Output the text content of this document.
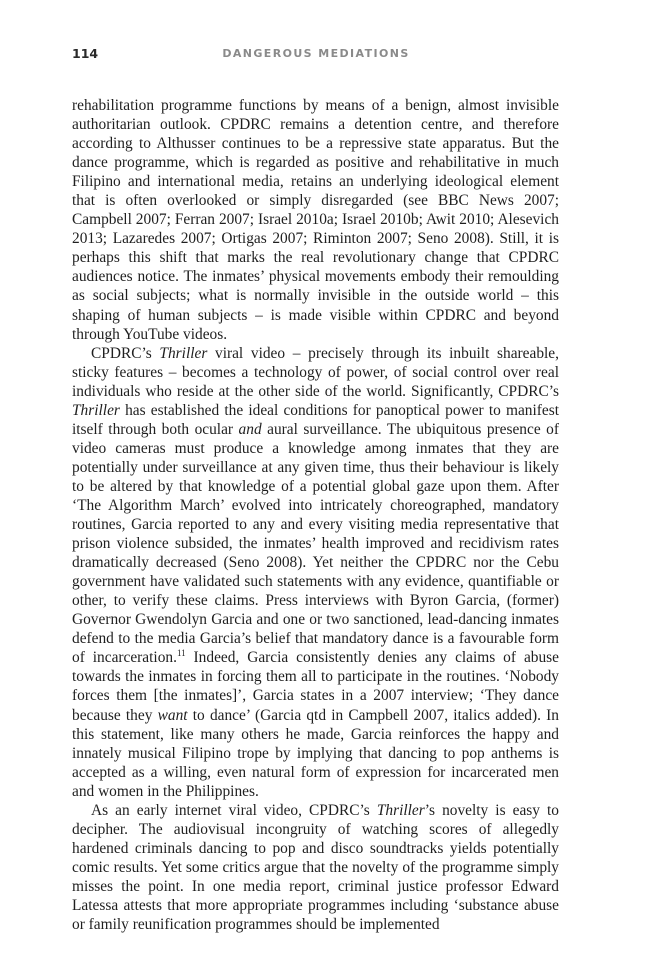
114	DANGEROUS MEDIATIONS

rehabilitation programme functions by means of a benign, almost invisible authoritarian outlook. CPDRC remains a detention centre, and therefore according to Althusser continues to be a repressive state apparatus. But the dance programme, which is regarded as positive and rehabilitative in much Filipino and international media, retains an underlying ideological element that is often overlooked or simply disregarded (see BBC News 2007; Campbell 2007; Ferran 2007; Israel 2010a; Israel 2010b; Awit 2010; Alesevich 2013; Lazaredes 2007; Ortigas 2007; Riminton 2007; Seno 2008). Still, it is perhaps this shift that marks the real revolutionary change that CPDRC audiences notice. The inmates’ physical movements embody their remoulding as social subjects; what is normally invisible in the outside world – this shaping of human subjects – is made visible within CPDRC and beyond through YouTube videos.

CPDRC’s Thriller viral video – precisely through its inbuilt shareable, sticky features – becomes a technology of power, of social control over real individuals who reside at the other side of the world. Significantly, CPDRC’s Thriller has established the ideal conditions for panoptical power to manifest itself through both ocular and aural surveillance. The ubiquitous presence of video cameras must produce a knowledge among inmates that they are potentially under surveillance at any given time, thus their behaviour is likely to be altered by that knowledge of a potential global gaze upon them. After ‘The Algorithm March’ evolved into intricately choreographed, mandatory routines, Garcia reported to any and every visiting media representative that prison violence subsided, the inmates’ health improved and recidivism rates dramatically decreased (Seno 2008). Yet neither the CPDRC nor the Cebu government have validated such statements with any evidence, quantifiable or other, to verify these claims. Press interviews with Byron Garcia, (former) Governor Gwendolyn Garcia and one or two sanctioned, lead-dancing inmates defend to the media Garcia’s belief that mandatory dance is a favourable form of incarceration.$^{11}$ Indeed, Garcia consistently denies any claims of abuse towards the inmates in forcing them all to participate in the routines. ‘Nobody forces them [the inmates]’, Garcia states in a 2007 interview; ‘They dance because they want to dance’ (Garcia qtd in Campbell 2007, italics added). In this statement, like many others he made, Garcia reinforces the happy and innately musical Filipino trope by implying that dancing to pop anthems is accepted as a willing, even natural form of expression for incarcerated men and women in the Philippines.

As an early internet viral video, CPDRC’s Thriller’s novelty is easy to decipher. The audiovisual incongruity of watching scores of allegedly hardened criminals dancing to pop and disco soundtracks yields potentially comic results. Yet some critics argue that the novelty of the programme simply misses the point. In one media report, criminal justice professor Edward Latessa attests that more appropriate programmes including ‘substance abuse or family reunification programmes should be implemented
